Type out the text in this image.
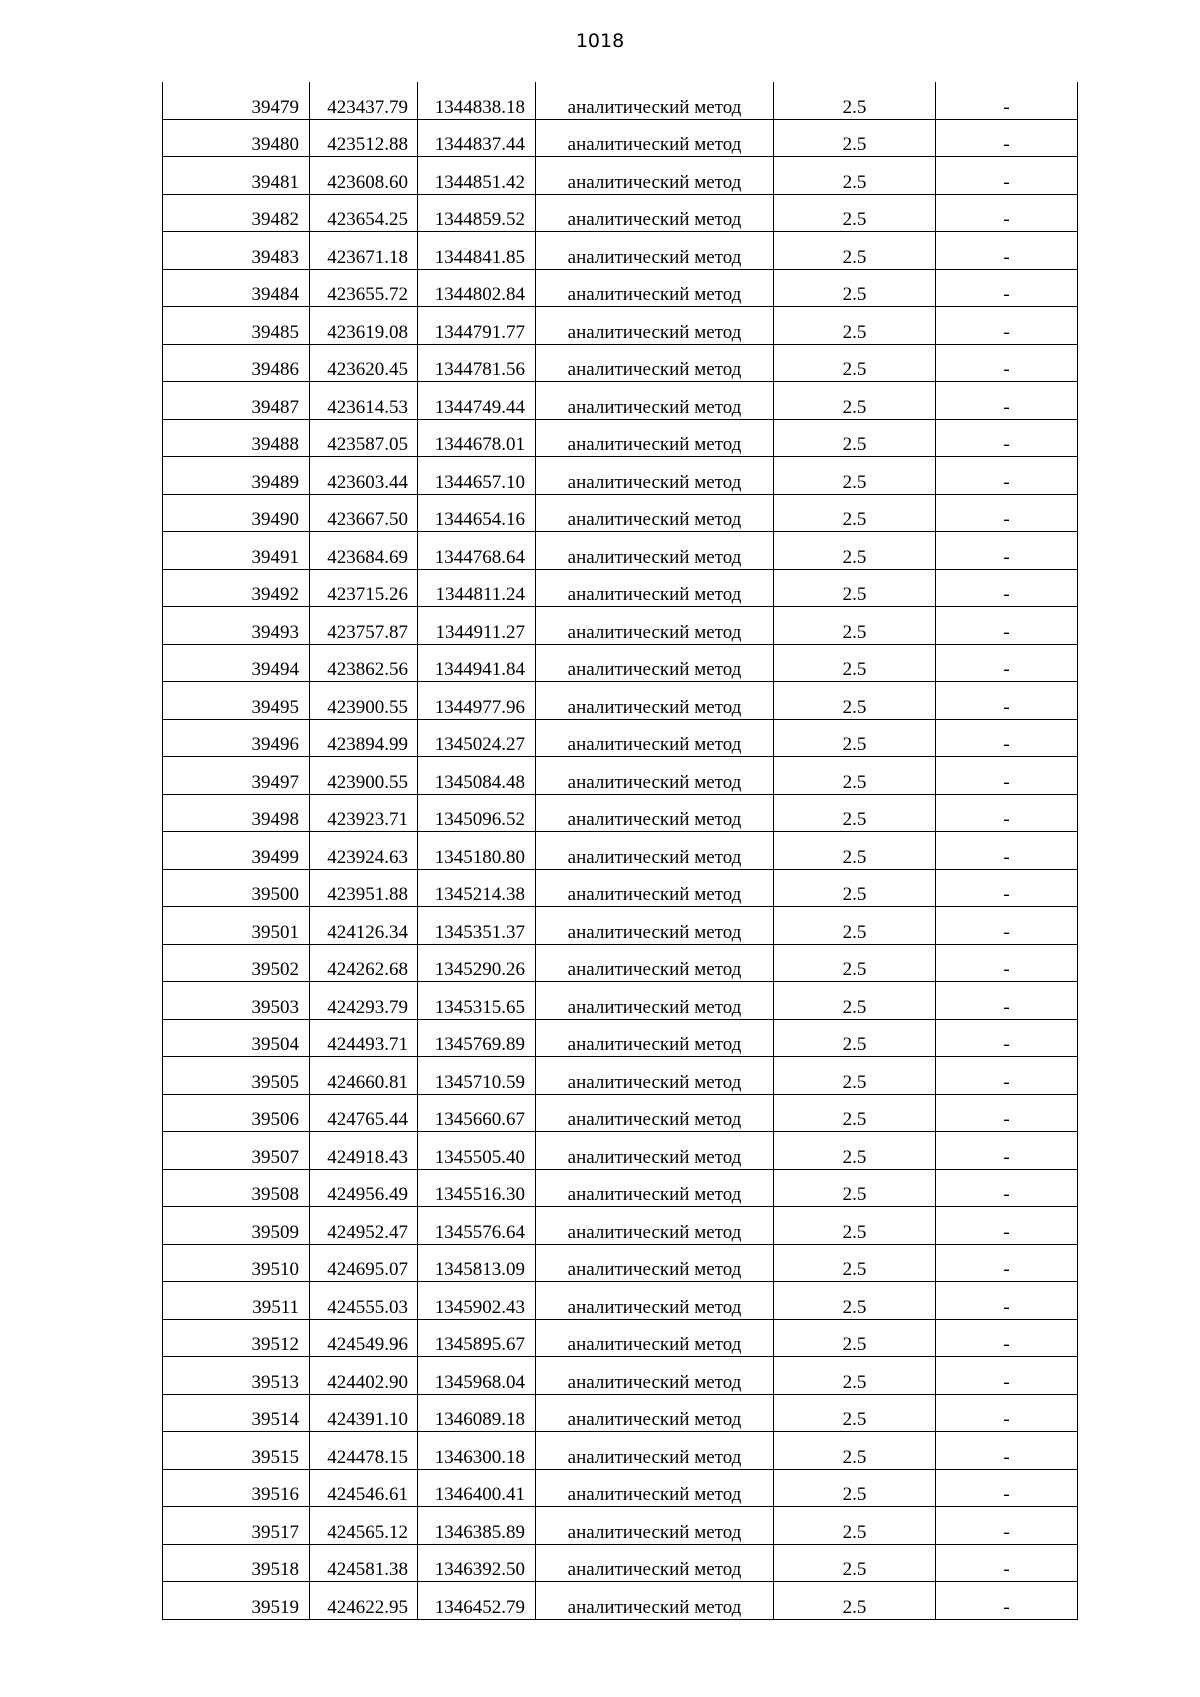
1018
39479	423437.79	1344838.18	аналитический метод	2.5	-
39480	423512.88	1344837.44	аналитический метод	2.5	-
39481	423608.60	1344851.42	аналитический метод	2.5	-
39482	423654.25	1344859.52	аналитический метод	2.5	-
39483	423671.18	1344841.85	аналитический метод	2.5	-
39484	423655.72	1344802.84	аналитический метод	2.5	-
39485	423619.08	1344791.77	аналитический метод	2.5	-
39486	423620.45	1344781.56	аналитический метод	2.5	-
39487	423614.53	1344749.44	аналитический метод	2.5	-
39488	423587.05	1344678.01	аналитический метод	2.5	-
39489	423603.44	1344657.10	аналитический метод	2.5	-
39490	423667.50	1344654.16	аналитический метод	2.5	-
39491	423684.69	1344768.64	аналитический метод	2.5	-
39492	423715.26	1344811.24	аналитический метод	2.5	-
39493	423757.87	1344911.27	аналитический метод	2.5	-
39494	423862.56	1344941.84	аналитический метод	2.5	-
39495	423900.55	1344977.96	аналитический метод	2.5	-
39496	423894.99	1345024.27	аналитический метод	2.5	-
39497	423900.55	1345084.48	аналитический метод	2.5	-
39498	423923.71	1345096.52	аналитический метод	2.5	-
39499	423924.63	1345180.80	аналитический метод	2.5	-
39500	423951.88	1345214.38	аналитический метод	2.5	-
39501	424126.34	1345351.37	аналитический метод	2.5	-
39502	424262.68	1345290.26	аналитический метод	2.5	-
39503	424293.79	1345315.65	аналитический метод	2.5	-
39504	424493.71	1345769.89	аналитический метод	2.5	-
39505	424660.81	1345710.59	аналитический метод	2.5	-
39506	424765.44	1345660.67	аналитический метод	2.5	-
39507	424918.43	1345505.40	аналитический метод	2.5	-
39508	424956.49	1345516.30	аналитический метод	2.5	-
39509	424952.47	1345576.64	аналитический метод	2.5	-
39510	424695.07	1345813.09	аналитический метод	2.5	-
39511	424555.03	1345902.43	аналитический метод	2.5	-
39512	424549.96	1345895.67	аналитический метод	2.5	-
39513	424402.90	1345968.04	аналитический метод	2.5	-
39514	424391.10	1346089.18	аналитический метод	2.5	-
39515	424478.15	1346300.18	аналитический метод	2.5	-
39516	424546.61	1346400.41	аналитический метод	2.5	-
39517	424565.12	1346385.89	аналитический метод	2.5	-
39518	424581.38	1346392.50	аналитический метод	2.5	-
39519	424622.95	1346452.79	аналитический метод	2.5	-
